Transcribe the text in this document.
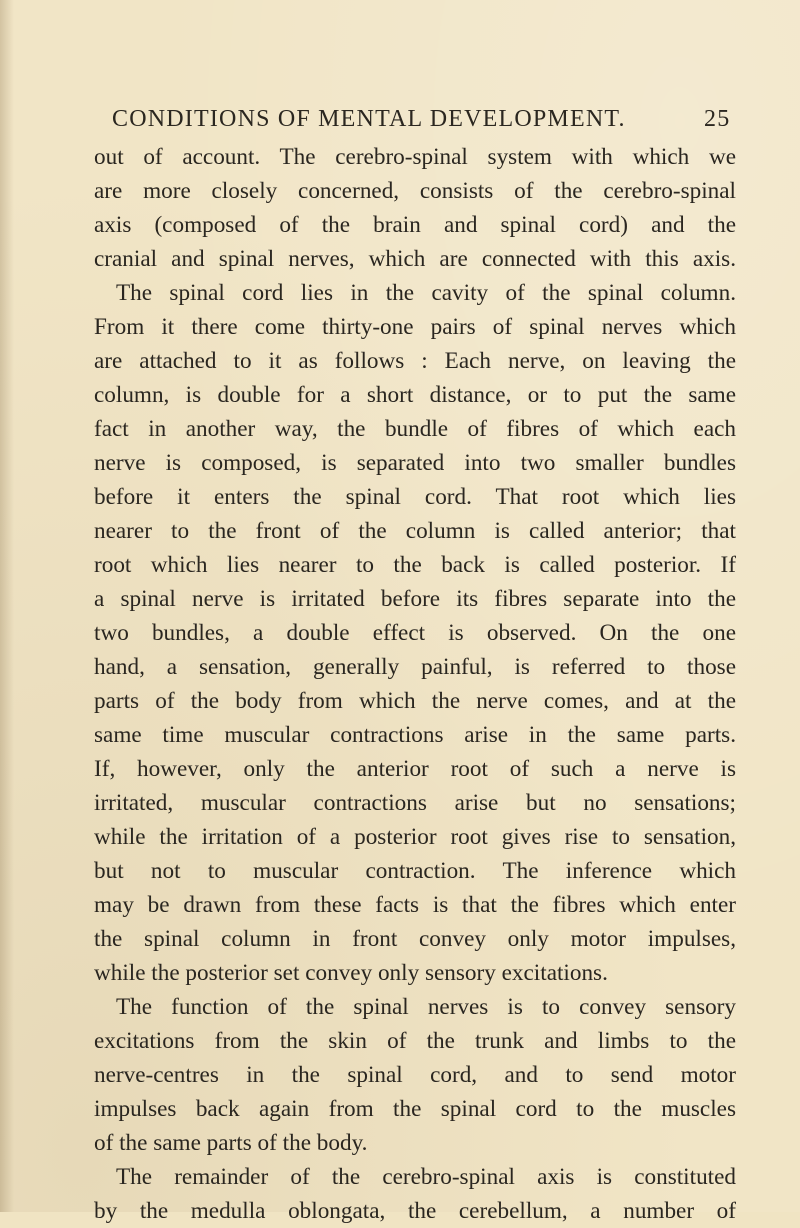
CONDITIONS OF MENTAL DEVELOPMENT.	25
out of account. The cerebro-spinal system with which we
are more closely concerned, consists of the cerebro-spinal
axis (composed of the brain and spinal cord) and the
cranial and spinal nerves, which are connected with this axis.
The spinal cord lies in the cavity of the spinal column.
From it there come thirty-one pairs of spinal nerves which
are attached to it as follows : Each nerve, on leaving the
column, is double for a short distance, or to put the same
fact in another way, the bundle of fibres of which each
nerve is composed, is separated into two smaller bundles
before it enters the spinal cord. That root which lies
nearer to the front of the column is called anterior; that
root which lies nearer to the back is called posterior. If
a spinal nerve is irritated before its fibres separate into the
two bundles, a double effect is observed. On the one
hand, a sensation, generally painful, is referred to those
parts of the body from which the nerve comes, and at the
same time muscular contractions arise in the same parts.
If, however, only the anterior root of such a nerve is
irritated, muscular contractions arise but no sensations;
while the irritation of a posterior root gives rise to sensation,
but not to muscular contraction. The inference which
may be drawn from these facts is that the fibres which enter
the spinal column in front convey only motor impulses,
while the posterior set convey only sensory excitations.
The function of the spinal nerves is to convey sensory
excitations from the skin of the trunk and limbs to the
nerve-centres in the spinal cord, and to send motor
impulses back again from the spinal cord to the muscles
of the same parts of the body.
The remainder of the cerebro-spinal axis is constituted
by the medulla oblongata, the cerebellum, a number of
